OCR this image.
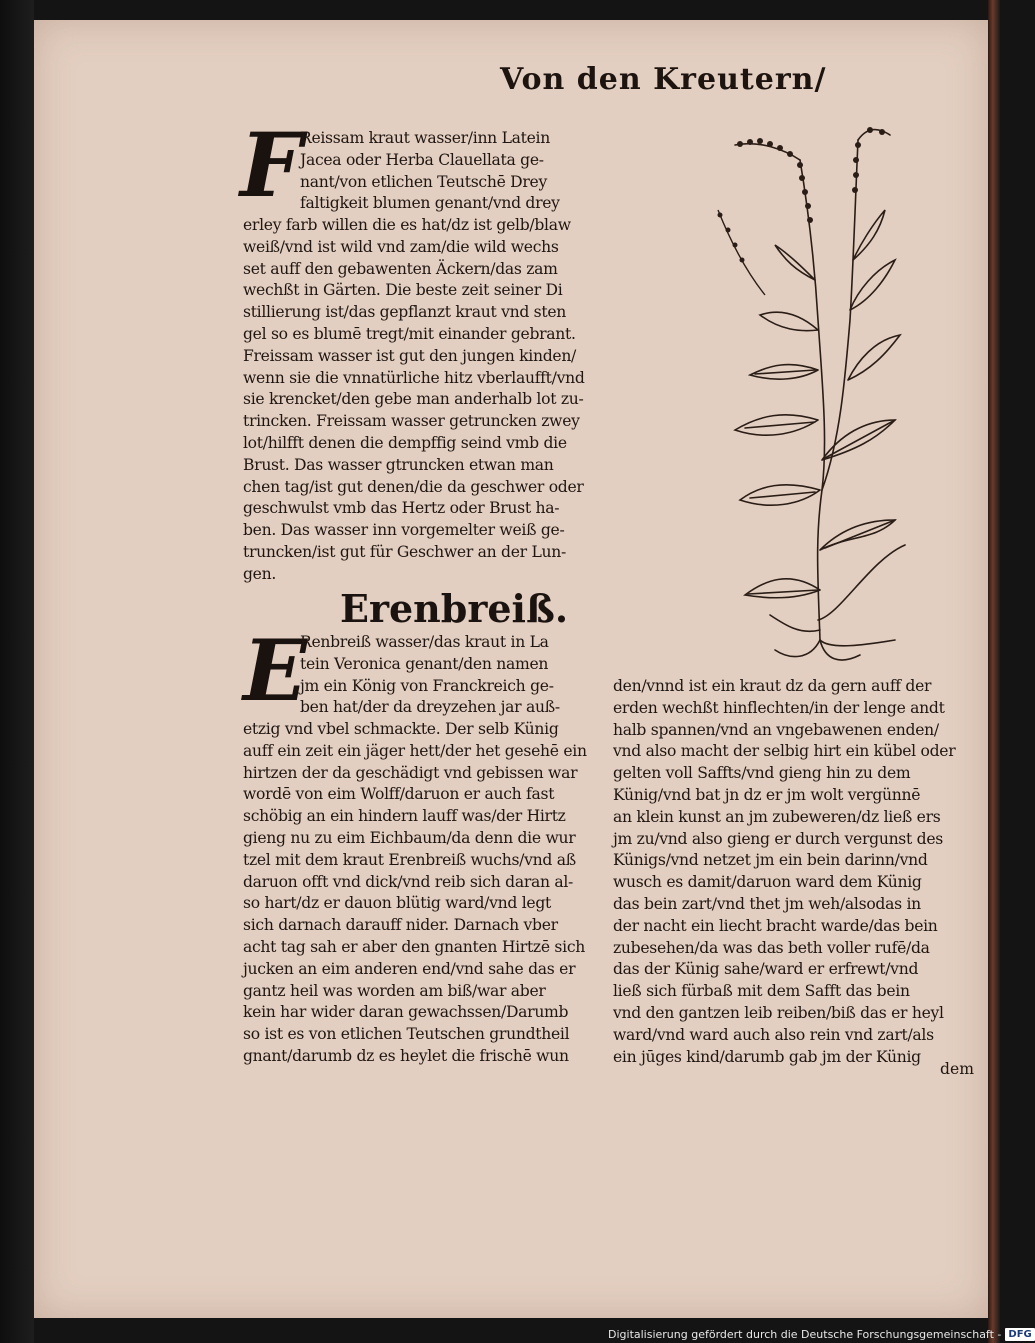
Von den Kreutern/
F
Reissam kraut wasser/inn Latein
Jacea oder Herba Clauellata ge-
nant/von etlichen Teutschē Drey
faltigkeit blumen genant/vnd drey
erley farb willen die es hat/dz ist gelb/blaw
weiß/vnd ist wild vnd zam/die wild wechs
set auff den gebawenten Äckern/das zam
wechßt in Gärten. Die beste zeit seiner Di
stillierung ist/das gepflanzt kraut vnd sten
gel so es blumē tregt/mit einander gebrant.
Freissam wasser ist gut den jungen kinden/
wenn sie die vnnatürliche hitz vberlaufft/vnd
sie krencket/den gebe man anderhalb lot zu-
trincken. Freissam wasser getruncken zwey
lot/hilfft denen die dempffig seind vmb die
Brust. Das wasser gtruncken etwan man
chen tag/ist gut denen/die da geschwer oder
geschwulst vmb das Hertz oder Brust ha-
ben. Das wasser inn vorgemelter weiß ge-
truncken/ist gut für Geschwer an der Lun-
gen.
Erenbreiß.
E
Renbreiß wasser/das kraut in La
tein Veronica genant/den namen
jm ein König von Franckreich ge-
ben hat/der da dreyzehen jar auß-
etzig vnd vbel schmackte. Der selb Künig
auff ein zeit ein jäger hett/der het gesehē ein
hirtzen der da geschädigt vnd gebissen war
wordē von eim Wolff/daruon er auch fast
schöbig an ein hindern lauff was/der Hirtz
gieng nu zu eim Eichbaum/da denn die wur
tzel mit dem kraut Erenbreiß wuchs/vnd aß
daruon offt vnd dick/vnd reib sich daran al-
so hart/dz er dauon blütig ward/vnd legt
sich darnach darauff nider. Darnach vber
acht tag sah er aber den gnanten Hirtzē sich
jucken an eim anderen end/vnd sahe das er
gantz heil was worden am biß/war aber
kein har wider daran gewachssen/Darumb
so ist es von etlichen Teutschen grundtheil
gnant/darumb dz es heylet die frischē wun
den/vnnd ist ein kraut dz da gern auff der
erden wechßt hinflechten/in der lenge andt
halb spannen/vnd an vngebawenen enden/
vnd also macht der selbig hirt ein kübel oder
gelten voll Saffts/vnd gieng hin zu dem
Künig/vnd bat jn dz er jm wolt vergünnē
an klein kunst an jm zubeweren/dz ließ ers
jm zu/vnd also gieng er durch vergunst des
Künigs/vnd netzet jm ein bein darinn/vnd
wusch es damit/daruon ward dem Künig
das bein zart/vnd thet jm weh/alsodas in
der nacht ein liecht bracht warde/das bein
zubesehen/da was das beth voller rufē/da
das der Künig sahe/ward er erfrewt/vnd
ließ sich fürbaß mit dem Safft das bein
vnd den gantzen leib reiben/biß das er heyl
ward/vnd ward auch also rein vnd zart/als
ein jūges kind/darumb gab jm der Künig
dem
Digitalisierung gefördert durch die Deutsche Forschungsgemeinschaft - DFG
